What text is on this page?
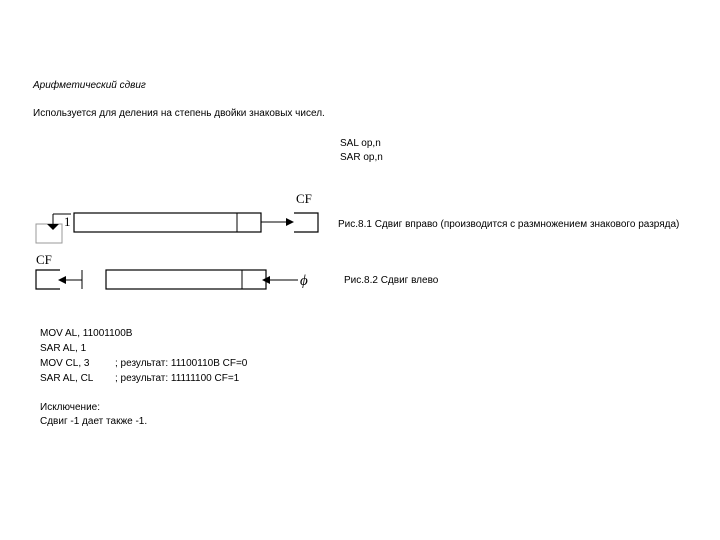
Арифметический сдвиг
Используется для деления на степень двойки знаковых чисел.
SAL op,n
SAR op,n
1
CF
CF
ϕ
Рис.8.1 Сдвиг вправо (производится с размножением знакового разряда)
Рис.8.2 Сдвиг влево
MOV AL, 11001100B
SAR AL, 1
MOV CL, 3	; результат: 11100110B CF=0
SAR AL, CL ; результат: 11111100 CF=1
Исключение:
Сдвиг -1 дает также -1.
